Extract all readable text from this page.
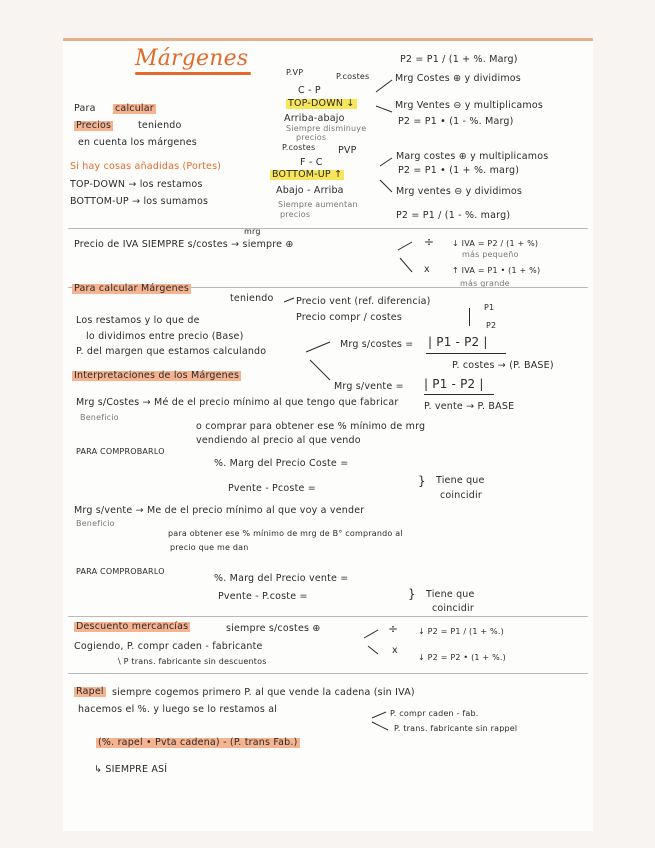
Márgenes
Para calcular
Precios	teniendo
en cuenta los márgenes
P.VP	P.costes
C - P
TOP-DOWN ↓
Arriba-abajo
Siempre disminuye
precios
P2 = P1 / (1 + %. Marg)
Mrg Costes ⊕ y dividimos
Mrg Ventes ⊖ y multiplicamos
P2 = P1 • (1 - %. Marg)
Si hay cosas añadidas (Portes)
TOP-DOWN → los restamos
BOTTOM-UP → los sumamos
P.costes PVP
F - C
BOTTOM-UP ↑
Abajo - Arriba
Siempre aumentan
precios
Marg costes ⊕ y multiplicamos
P2 = P1 • (1 + %. marg)
Mrg ventes ⊖ y dividimos
P2 = P1 / (1 - %. marg)
mrg
Precio de IVA SIEMPRE s/costes → siempre ⊕	÷
x
↓ IVA = P2 / (1 + %)
más pequeño
↑ IVA = P1 • (1 + %)
más grande
Para calcular Márgenes
teniendo Precio vent (ref. diferencia)
Precio compr / costes
P1
P2
Los restamos y lo que de
lo dividimos entre precio (Base)
P. del margen que estamos calculando
Mrg s/costes = | P1 - P2 |
P. costes → (P. BASE)
Mrg s/vente = | P1 - P2 |
P. vente → P. BASE
Interpretaciones de los Márgenes
Mrg s/Costes → Mé de el precio mínimo al que tengo que fabricar
Beneficio
o comprar para obtener ese % mínimo de mrg
vendiendo al precio al que vendo
PARA COMPROBARLO
%. Marg del Precio Coste =
Pvente - Pcoste =
Tiene que
coincidir
}
Mrg s/vente → Me de el precio mínimo al que voy a vender
Beneficio
para obtener ese % mínimo de mrg de B° comprando al
precio que me dan
PARA COMPROBARLO
%. Marg del Precio vente =
Pvente - P.coste =	Tiene que
coincidir
}
Descuento mercancías	siempre s/costes ⊕	÷
x
↓ P2 = P1 / (1 + %.)
↓ P2 = P2 • (1 + %.)
Cogiendo, P. compr caden - fabricante
\ P trans. fabricante sin descuentos
Rapel siempre cogemos primero P. al que vende la cadena (sin IVA)
hacemos el %. y luego se lo restamos al	P. compr caden - fab.
P. trans. fabricante sin rappel
(%. rapel • Pvta cadena) - (P. trans Fab.)
↳ SIEMPRE ASÍ
